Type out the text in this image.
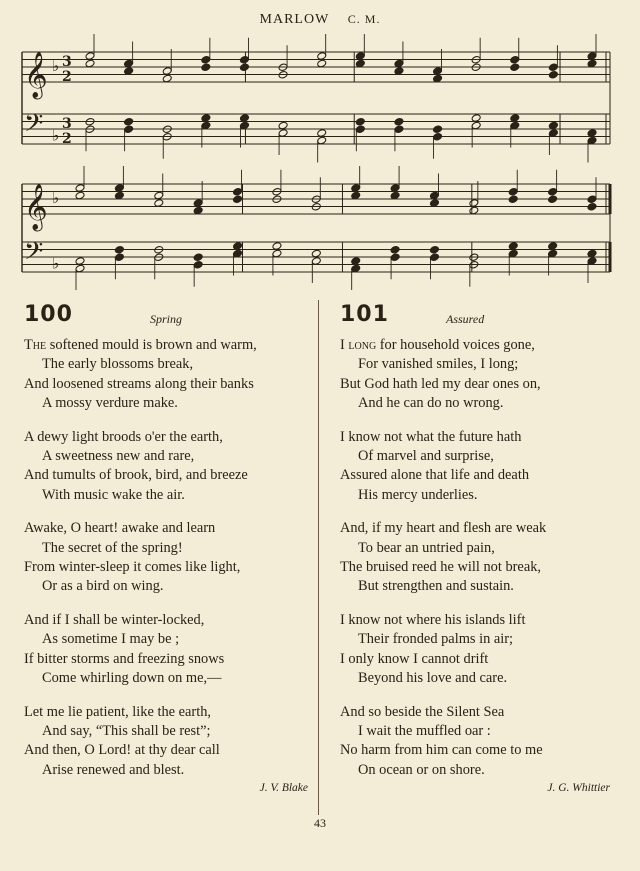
MARLOW C. M.
𝄞 ♭ 3
2
𝄢 ♭
3
2
𝄞 ♭
𝄢 ♭
100	Spring
The softened mould is brown and warm,
The early blossoms break,
And loosened streams along their banks
A mossy verdure make.
A dewy light broods o'er the earth,
A sweetness new and rare,
And tumults of brook, bird, and breeze
With music wake the air.
Awake, O heart! awake and learn
The secret of the spring!
From winter-sleep it comes like light,
Or as a bird on wing.
And if I shall be winter-locked,
As sometime I may be ;
If bitter storms and freezing snows
Come whirling down on me,—
Let me lie patient, like the earth,
And say, “This shall be rest”;
And then, O Lord! at thy dear call
Arise renewed and blest.
J. V. Blake
101	Assured
I long for household voices gone,
For vanished smiles, I long;
But God hath led my dear ones on,
And he can do no wrong.
I know not what the future hath
Of marvel and surprise,
Assured alone that life and death
His mercy underlies.
And, if my heart and flesh are weak
To bear an untried pain,
The bruised reed he will not break,
But strengthen and sustain.
I know not where his islands lift
Their fronded palms in air;
I only know I cannot drift
Beyond his love and care.
And so beside the Silent Sea
I wait the muffled oar :
No harm from him can come to me
On ocean or on shore.
J. G. Whittier
43
